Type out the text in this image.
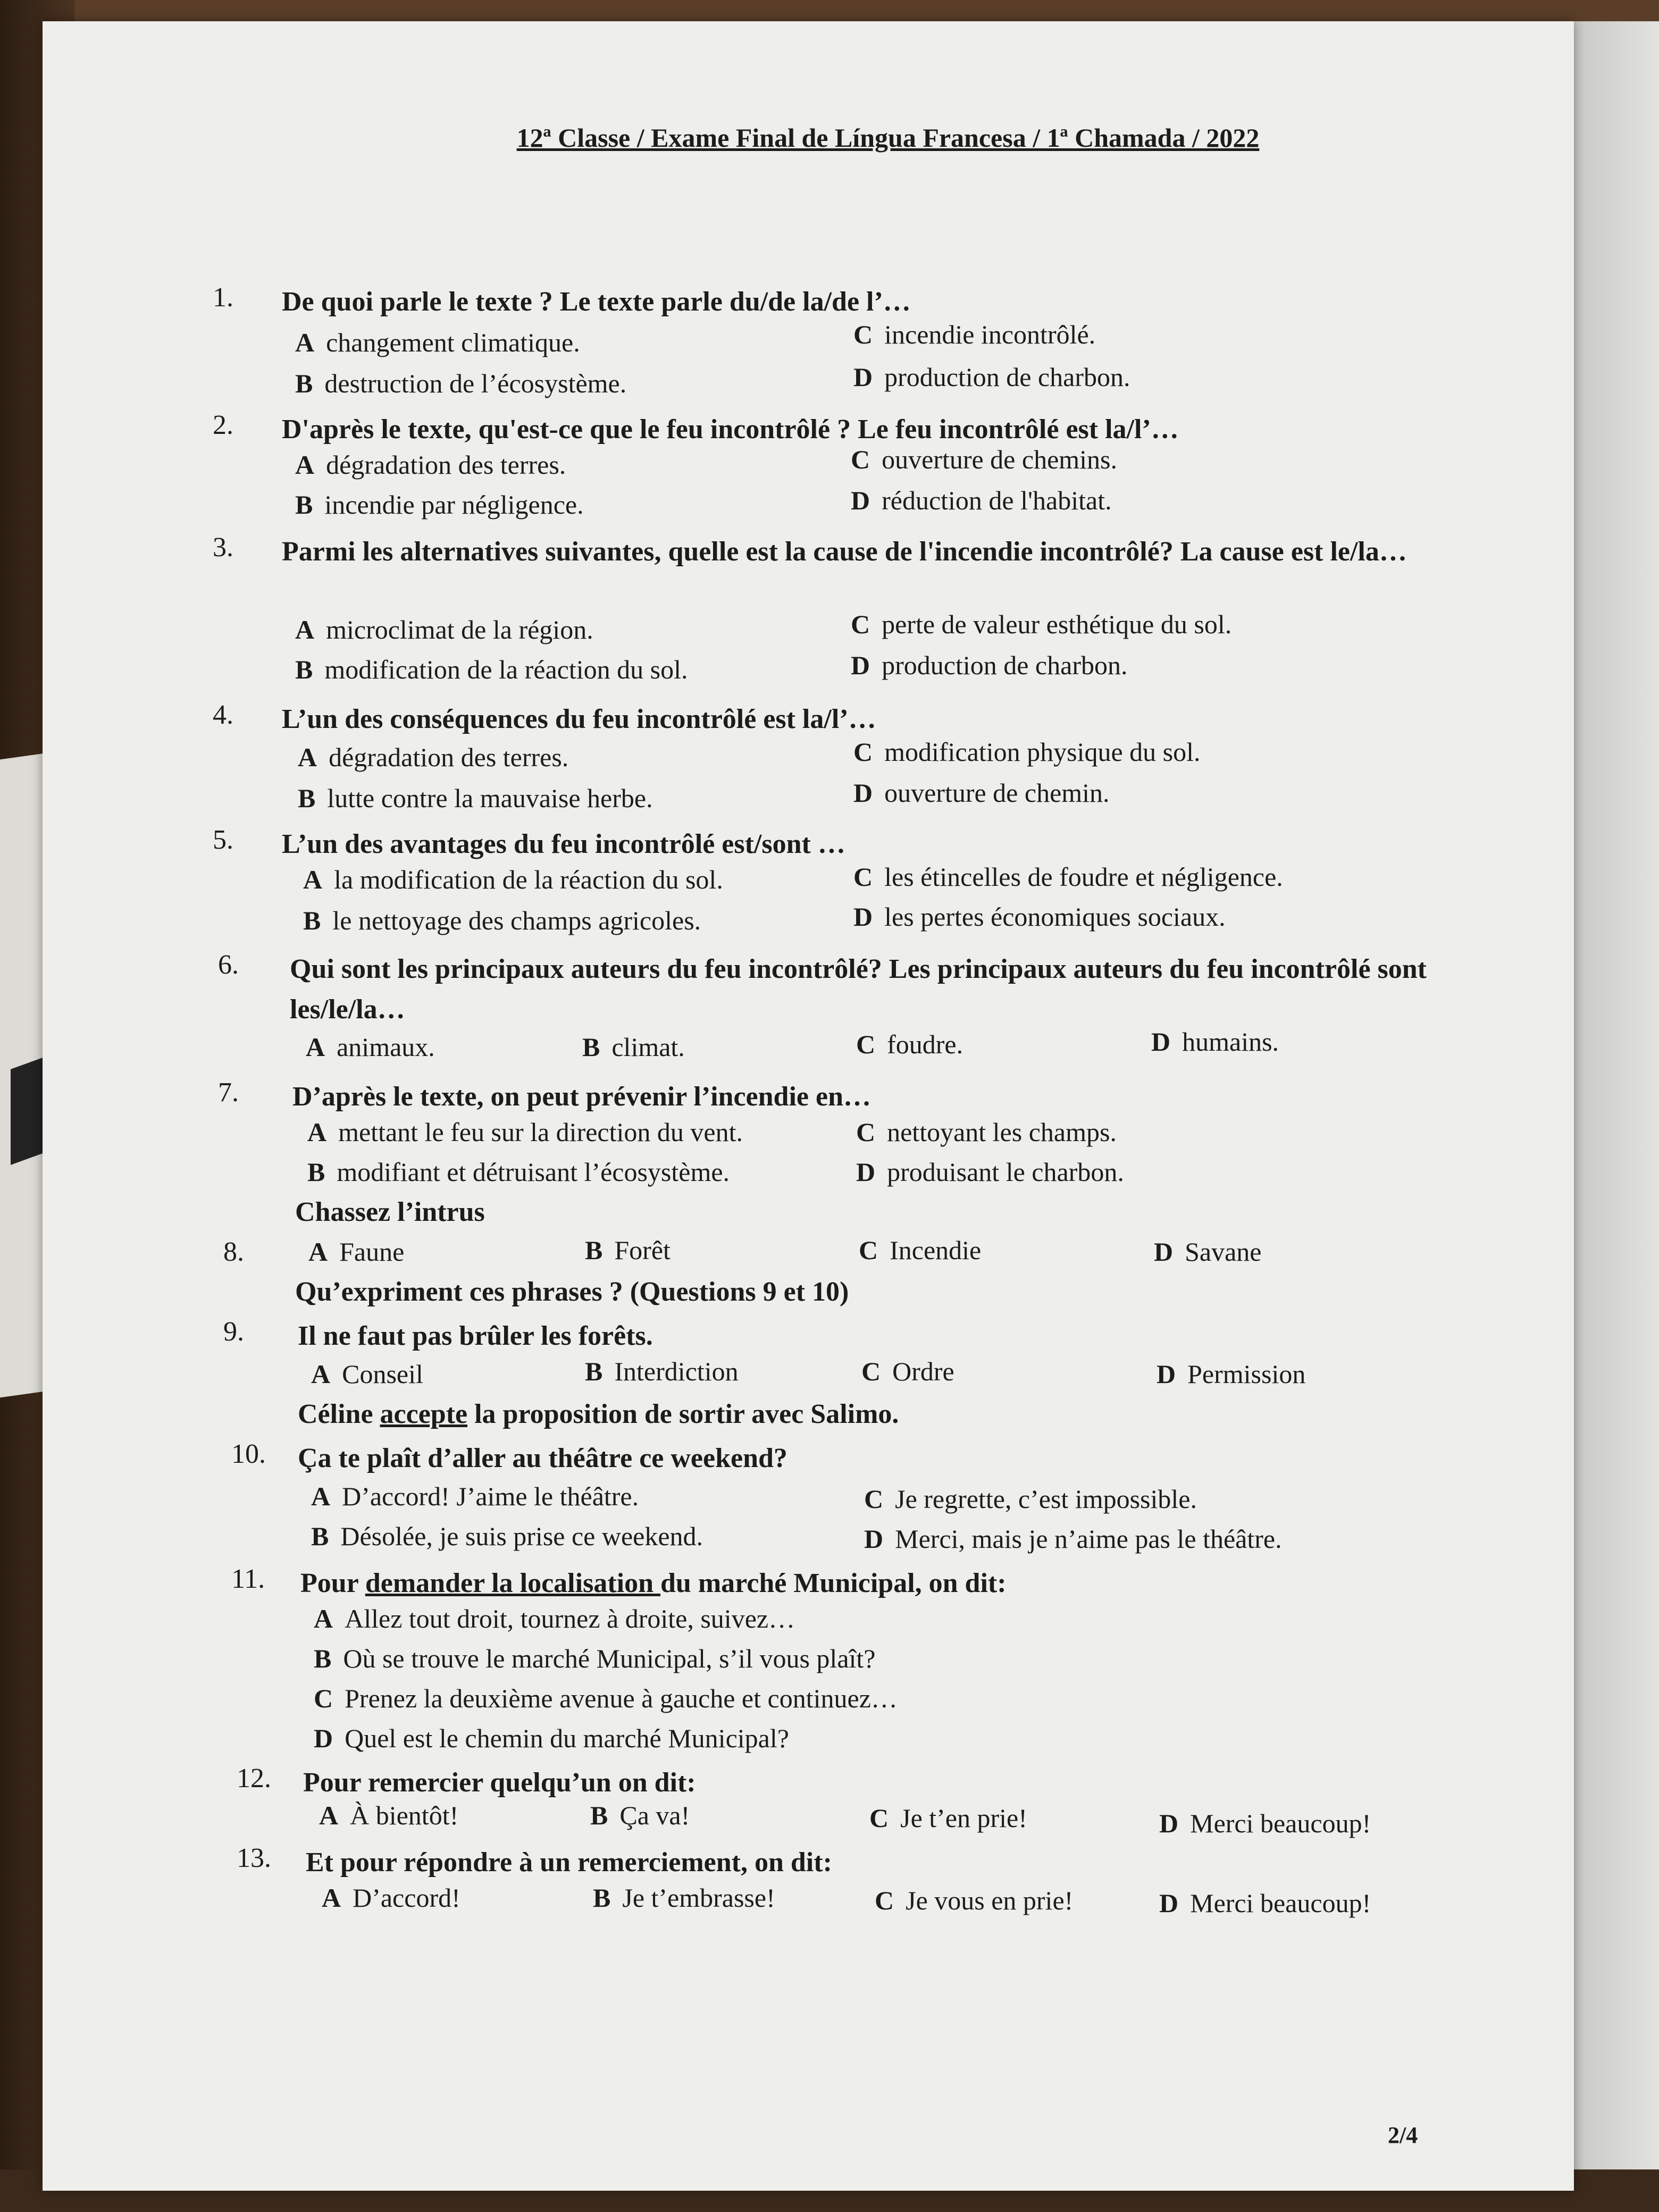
12ª Classe / Exame Final de Língua Francesa / 1ª Chamada / 2022
1.	De quoi parle le texte ? Le texte parle du/de la/de l’…
A changement climatique.
B destruction de l’écosystème.
C incendie incontrôlé.
D production de charbon.
2.	D'après le texte, qu'est-ce que le feu incontrôlé ? Le feu incontrôlé est la/l’…
A dégradation des terres.
B incendie par négligence.
C ouverture de chemins.
D réduction de l'habitat.
3.	Parmi les alternatives suivantes, quelle est la cause de l'incendie incontrôlé? La cause est le/la…
A microclimat de la région.
B modification de la réaction du sol.
C perte de valeur esthétique du sol.
D production de charbon.
4.	L’un des conséquences du feu incontrôlé est la/l’…
A dégradation des terres.
B lutte contre la mauvaise herbe.
C modification physique du sol.
D ouverture de chemin.
5.	L’un des avantages du feu incontrôlé est/sont …
A la modification de la réaction du sol.
B le nettoyage des champs agricoles.
C les étincelles de foudre et négligence.
D les pertes économiques sociaux.
6.	Qui sont les principaux auteurs du feu incontrôlé? Les principaux auteurs du feu incontrôlé sont les/le/la…
A animaux.	B climat.	C foudre.	D humains.
7.	D’après le texte, on peut prévenir l’incendie en…
A mettant le feu sur la direction du vent.
B modifiant et détruisant l’écosystème.
C nettoyant les champs.
D produisant le charbon.
Chassez l’intrus
8.	A Faune	B Forêt	C Incendie	D Savane
Qu’expriment ces phrases ? (Questions 9 et 10)
9.	Il ne faut pas brûler les forêts.
A Conseil	B Interdiction	C Ordre	D Permission
Céline accepte la proposition de sortir avec Salimo.
10.	Ça te plaît d’aller au théâtre ce weekend?
A D’accord! J’aime le théâtre.
B Désolée, je suis prise ce weekend.
C Je regrette, c’est impossible.
D Merci, mais je n’aime pas le théâtre.
11.	Pour demander la localisation du marché Municipal, on dit:
A Allez tout droit, tournez à droite, suivez…
B Où se trouve le marché Municipal, s’il vous plaît?
C Prenez la deuxième avenue à gauche et continuez…
D Quel est le chemin du marché Municipal?
12.	Pour remercier quelqu’un on dit:
A À bientôt!	B Ça va!	C Je t’en prie!	D Merci beaucoup!
13.	Et pour répondre à un remerciement, on dit:
A D’accord!	B Je t’embrasse!	C Je vous en prie!	D Merci beaucoup!
2/4
